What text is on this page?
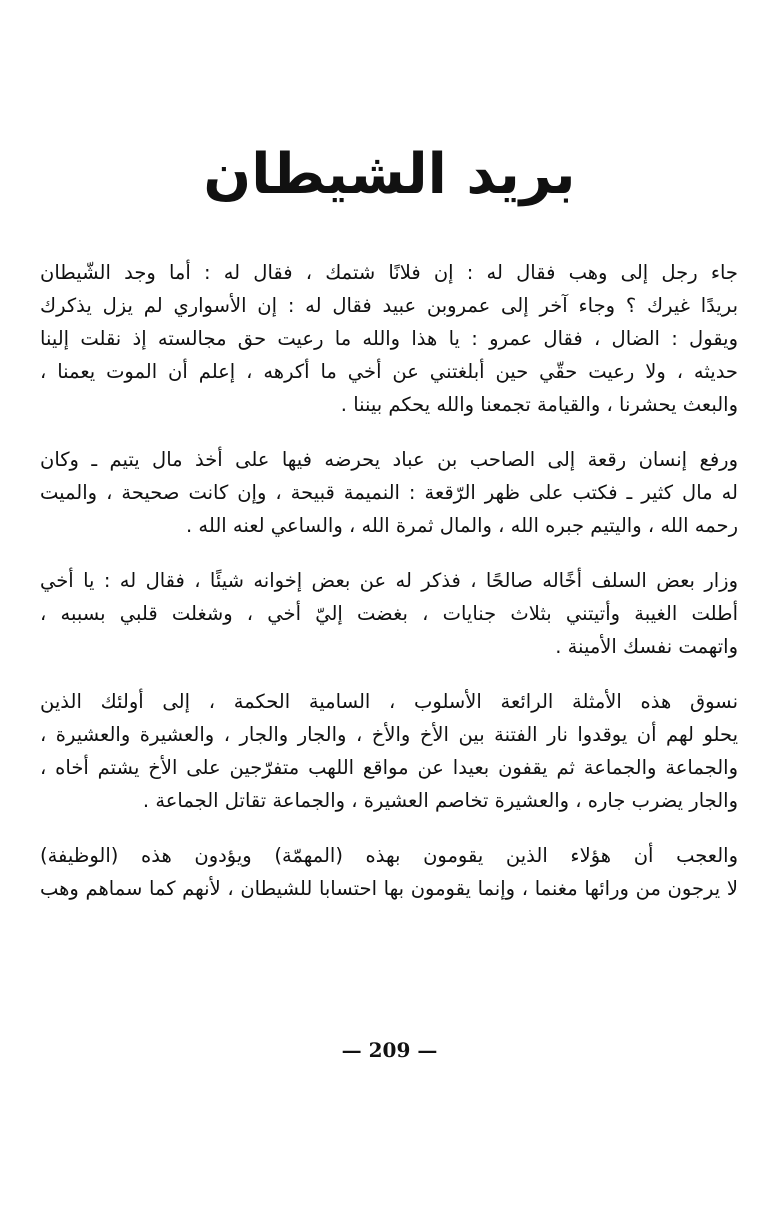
بريد الشيطان

جاء رجل إلى وهب فقال له : إن فلانًا شتمك ، فقال له : أما وجد الشّيطان
بريدًا غيرك ؟ وجاء آخر إلى عمروبن عبيد فقال له : إن الأسواري لم يزل يذكرك
ويقول : الضال ، فقال عمرو : يا هذا والله ما رعيت حق مجالسته إذ نقلت إلينا
حديثه ، ولا رعيت حقّي حين أبلغتني عن أخي ما أكرهه ، إعلم أن الموت يعمنا ،
والبعث يحشرنا ، والقيامة تجمعنا والله يحكم بيننا .

ورفع إنسان رقعة إلى الصاحب بن عباد يحرضه فيها على أخذ مال يتيم ـ وكان
له مال كثير ـ فكتب على ظهر الرّقعة : النميمة قبيحة ، وإن كانت صحيحة ، والميت
رحمه الله ، واليتيم جبره الله ، والمال ثمرة الله ، والساعي لعنه الله .

وزار بعض السلف أخًاله صالحًا ، فذكر له عن بعض إخوانه شيئًا ، فقال له : يا أخي
أطلت الغيبة وأتيتني بثلاث جنايات ، بغضت إليّ أخي ، وشغلت قلبي بسببه ،
واتهمت نفسك الأمينة .

نسوق هذه الأمثلة الرائعة الأسلوب ، السامية الحكمة ، إلى أولئك الذين
يحلو لهم أن يوقدوا نار الفتنة بين الأخ والأخ ، والجار والجار ، والعشيرة والعشيرة ،
والجماعة والجماعة ثم يقفون بعيدا عن مواقع اللهب متفرّجين على الأخ يشتم أخاه ،
والجار يضرب جاره ، والعشيرة تخاصم العشيرة ، والجماعة تقاتل الجماعة .

والعجب أن هؤلاء الذين يقومون بهذه (المهمّة) ويؤدون هذه (الوظيفة)
لا يرجون من ورائها مغنما ، وإنما يقومون بها احتسابا للشيطان ، لأنهم كما سماهم وهب

— 209 —
